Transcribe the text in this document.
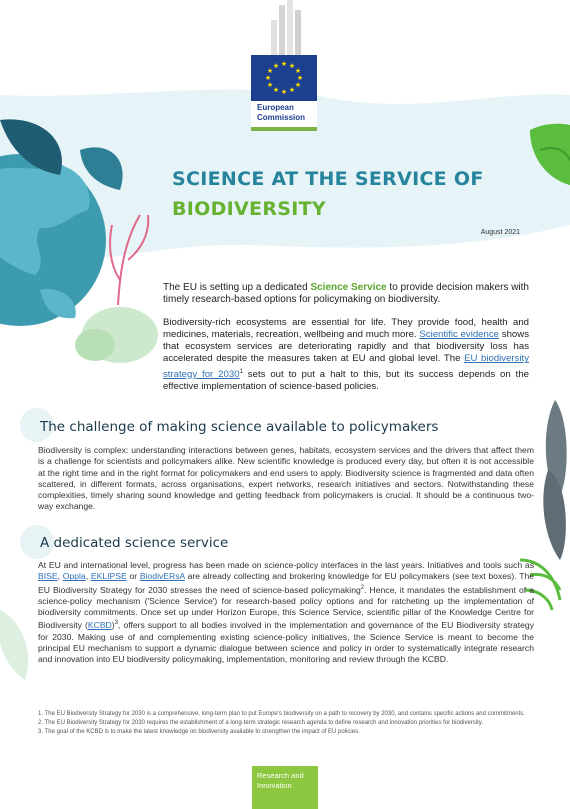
★ ★
★
★
★
★
★
★
★
★
★
★
European
Commission
SCIENCE AT THE SERVICE OF
BIODIVERSITY
August 2021

The EU is setting up a dedicated Science Service to provide decision makers with timely research-based options for policymaking on biodiversity.

Biodiversity-rich ecosystems are essential for life. They provide food, health and medicines, materials, recreation, wellbeing and much more. Scientific evidence shows that ecosystem services are deteriorating rapidly and that biodiversity loss has accelerated despite the measures taken at EU and global level. The EU biodiversity strategy for 2030$^1$ sets out to put a halt to this, but its success depends on the effective implementation of science-based policies.

The challenge of making science available to policymakers
Biodiversity is complex: understanding interactions between genes, habitats, ecosystem services and the drivers that affect them is a challenge for scientists and policymakers alike. New scientific knowledge is produced every day, but often it is not accessible at the right time and in the right format for policymakers and end users to apply. Biodiversity science is fragmented and data often scattered, in different formats, across organisations, expert networks, research initiatives and sectors. Notwithstanding these complexities, timely sharing sound knowledge and getting feedback from policymakers is crucial. It should be a continuous two-way exchange.
A dedicated science service
At EU and international level, progress has been made on science-policy interfaces in the last years. Initiatives and tools such as BISE, Oppla, EKLIPSE or BiodivERsA are already collecting and brokering knowledge for EU policymakers (see text boxes). The EU Biodiversity Strategy for 2030 stresses the need of science-based policymaking$^2$. Hence, it mandates the establishment of a science-policy mechanism ('Science Service') for research-based policy options and for ratcheting up the implementation of biodiversity commitments. Once set up under Horizon Europe, this Science Service, scientific pillar of the Knowledge Centre for Biodiversity (KCBD)$^3$, offers support to all bodies involved in the implementation and governance of the EU Biodiversity strategy for 2030. Making use of and complementing existing science-policy initiatives, the Science Service is meant to become the principal EU mechanism to support a dynamic dialogue between science and policy in order to systematically integrate research and innovation into EU biodiversity policymaking, implementation, monitoring and review through the KCBD.
1. The EU Biodiversity Strategy for 2030 is a comprehensive, long-term plan to put Europe's biodiversity on a path to recovery by 2030, and contains specific actions and commitments.
2. The EU Biodiversity Strategy for 2030 requires the establishment of a long-term strategic research agenda to define research and innovation priorities for biodiversity.
3. The goal of the KCBD is to make the latest knowledge on biodiversity available to strengthen the impact of EU policies.
Research and
Innovation
